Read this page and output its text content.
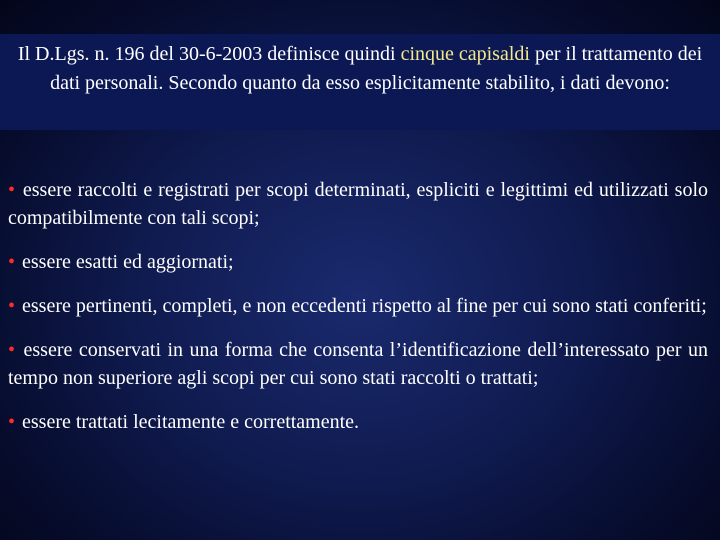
Il D.Lgs. n. 196 del 30-6-2003 definisce quindi cinque capisaldi per il trattamento dei dati personali. Secondo quanto da esso esplicitamente stabilito, i dati devono:
• essere raccolti e registrati per scopi determinati, espliciti e legittimi ed utilizzati solo compatibilmente con tali scopi;
• essere esatti ed aggiornati;
• essere pertinenti, completi, e non eccedenti rispetto al fine per cui sono stati conferiti;
• essere conservati in una forma che consenta l’identificazione dell’interessato per un tempo non superiore agli scopi per cui sono stati raccolti o trattati;
• essere trattati lecitamente e correttamente.
